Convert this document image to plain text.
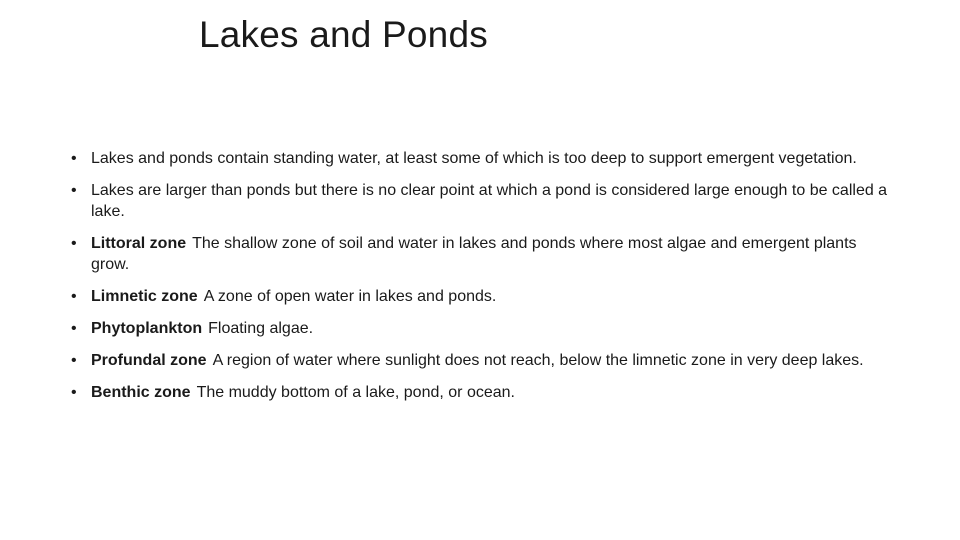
Lakes and Ponds
• Lakes and ponds contain standing water, at least some of which is too deep to support emergent vegetation.
• Lakes are larger than ponds but there is no clear point at which a pond is considered large enough to be called a lake.
• Littoral zone The shallow zone of soil and water in lakes and ponds where most algae and emergent plants grow.
• Limnetic zone A zone of open water in lakes and ponds.
• Phytoplankton Floating algae.
• Profundal zone A region of water where sunlight does not reach, below the limnetic zone in very deep lakes.
• Benthic zone The muddy bottom of a lake, pond, or ocean.
